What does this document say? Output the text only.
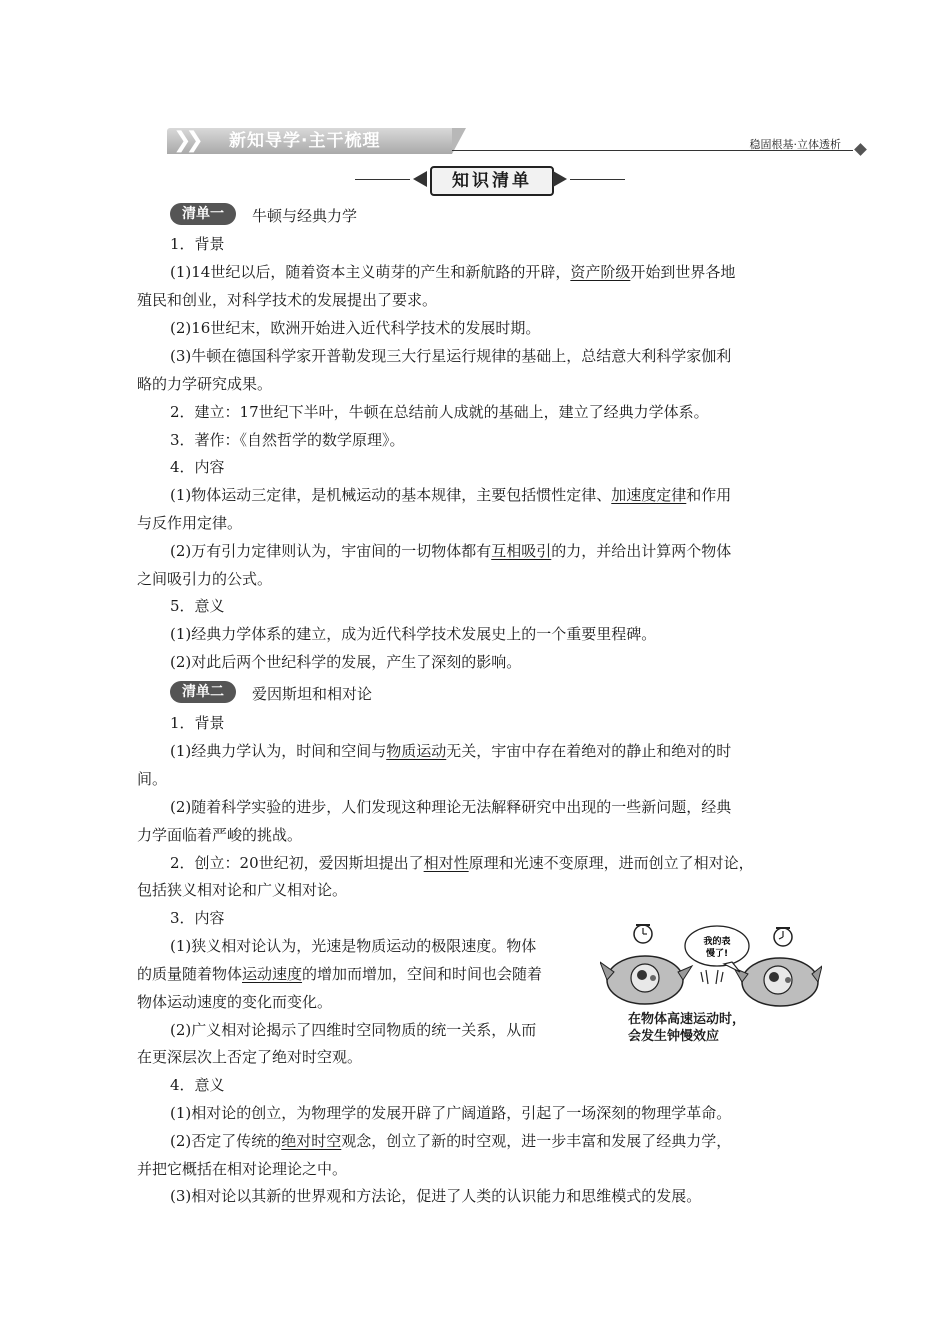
❯❯ 新知导学·主干梳理	稳固根基·立体透析
知识清单
清单一	牛顿与经典力学
1．背景
(1)14世纪以后，随着资本主义萌芽的产生和新航路的开辟，资产阶级开始到世界各地
殖民和创业，对科学技术的发展提出了要求。
(2)16世纪末，欧洲开始进入近代科学技术的发展时期。
(3)牛顿在德国科学家开普勒发现三大行星运行规律的基础上，总结意大利科学家伽利
略的力学研究成果。
2．建立：17世纪下半叶，牛顿在总结前人成就的基础上，建立了经典力学体系。
3．著作：《自然哲学的数学原理》。
4．内容
(1)物体运动三定律，是机械运动的基本规律，主要包括惯性定律、加速度定律和作用
与反作用定律。
(2)万有引力定律则认为，宇宙间的一切物体都有互相吸引的力，并给出计算两个物体
之间吸引力的公式。
5．意义
(1)经典力学体系的建立，成为近代科学技术发展史上的一个重要里程碑。
(2)对此后两个世纪科学的发展，产生了深刻的影响。
清单二	爱因斯坦和相对论
1．背景
(1)经典力学认为，时间和空间与物质运动无关，宇宙中存在着绝对的静止和绝对的时
间。
(2)随着科学实验的进步，人们发现这种理论无法解释研究中出现的一些新问题，经典
力学面临着严峻的挑战。
2．创立：20世纪初，爱因斯坦提出了相对性原理和光速不变原理，进而创立了相对论，
包括狭义相对论和广义相对论。
3．内容
(1)狭义相对论认为，光速是物质运动的极限速度。物体
的质量随着物体运动速度的增加而增加，空间和时间也会随着
物体运动速度的变化而变化。
(2)广义相对论揭示了四维时空同物质的统一关系，从而
在更深层次上否定了绝对时空观。
4．意义
(1)相对论的创立，为物理学的发展开辟了广阔道路，引起了一场深刻的物理学革命。
(2)否定了传统的绝对时空观念，创立了新的时空观，进一步丰富和发展了经典力学，
并把它概括在相对论理论之中。
(3)相对论以其新的世界观和方法论，促进了人类的认识能力和思维模式的发展。
我的表
慢了!
在物体高速运动时，
会发生钟慢效应
